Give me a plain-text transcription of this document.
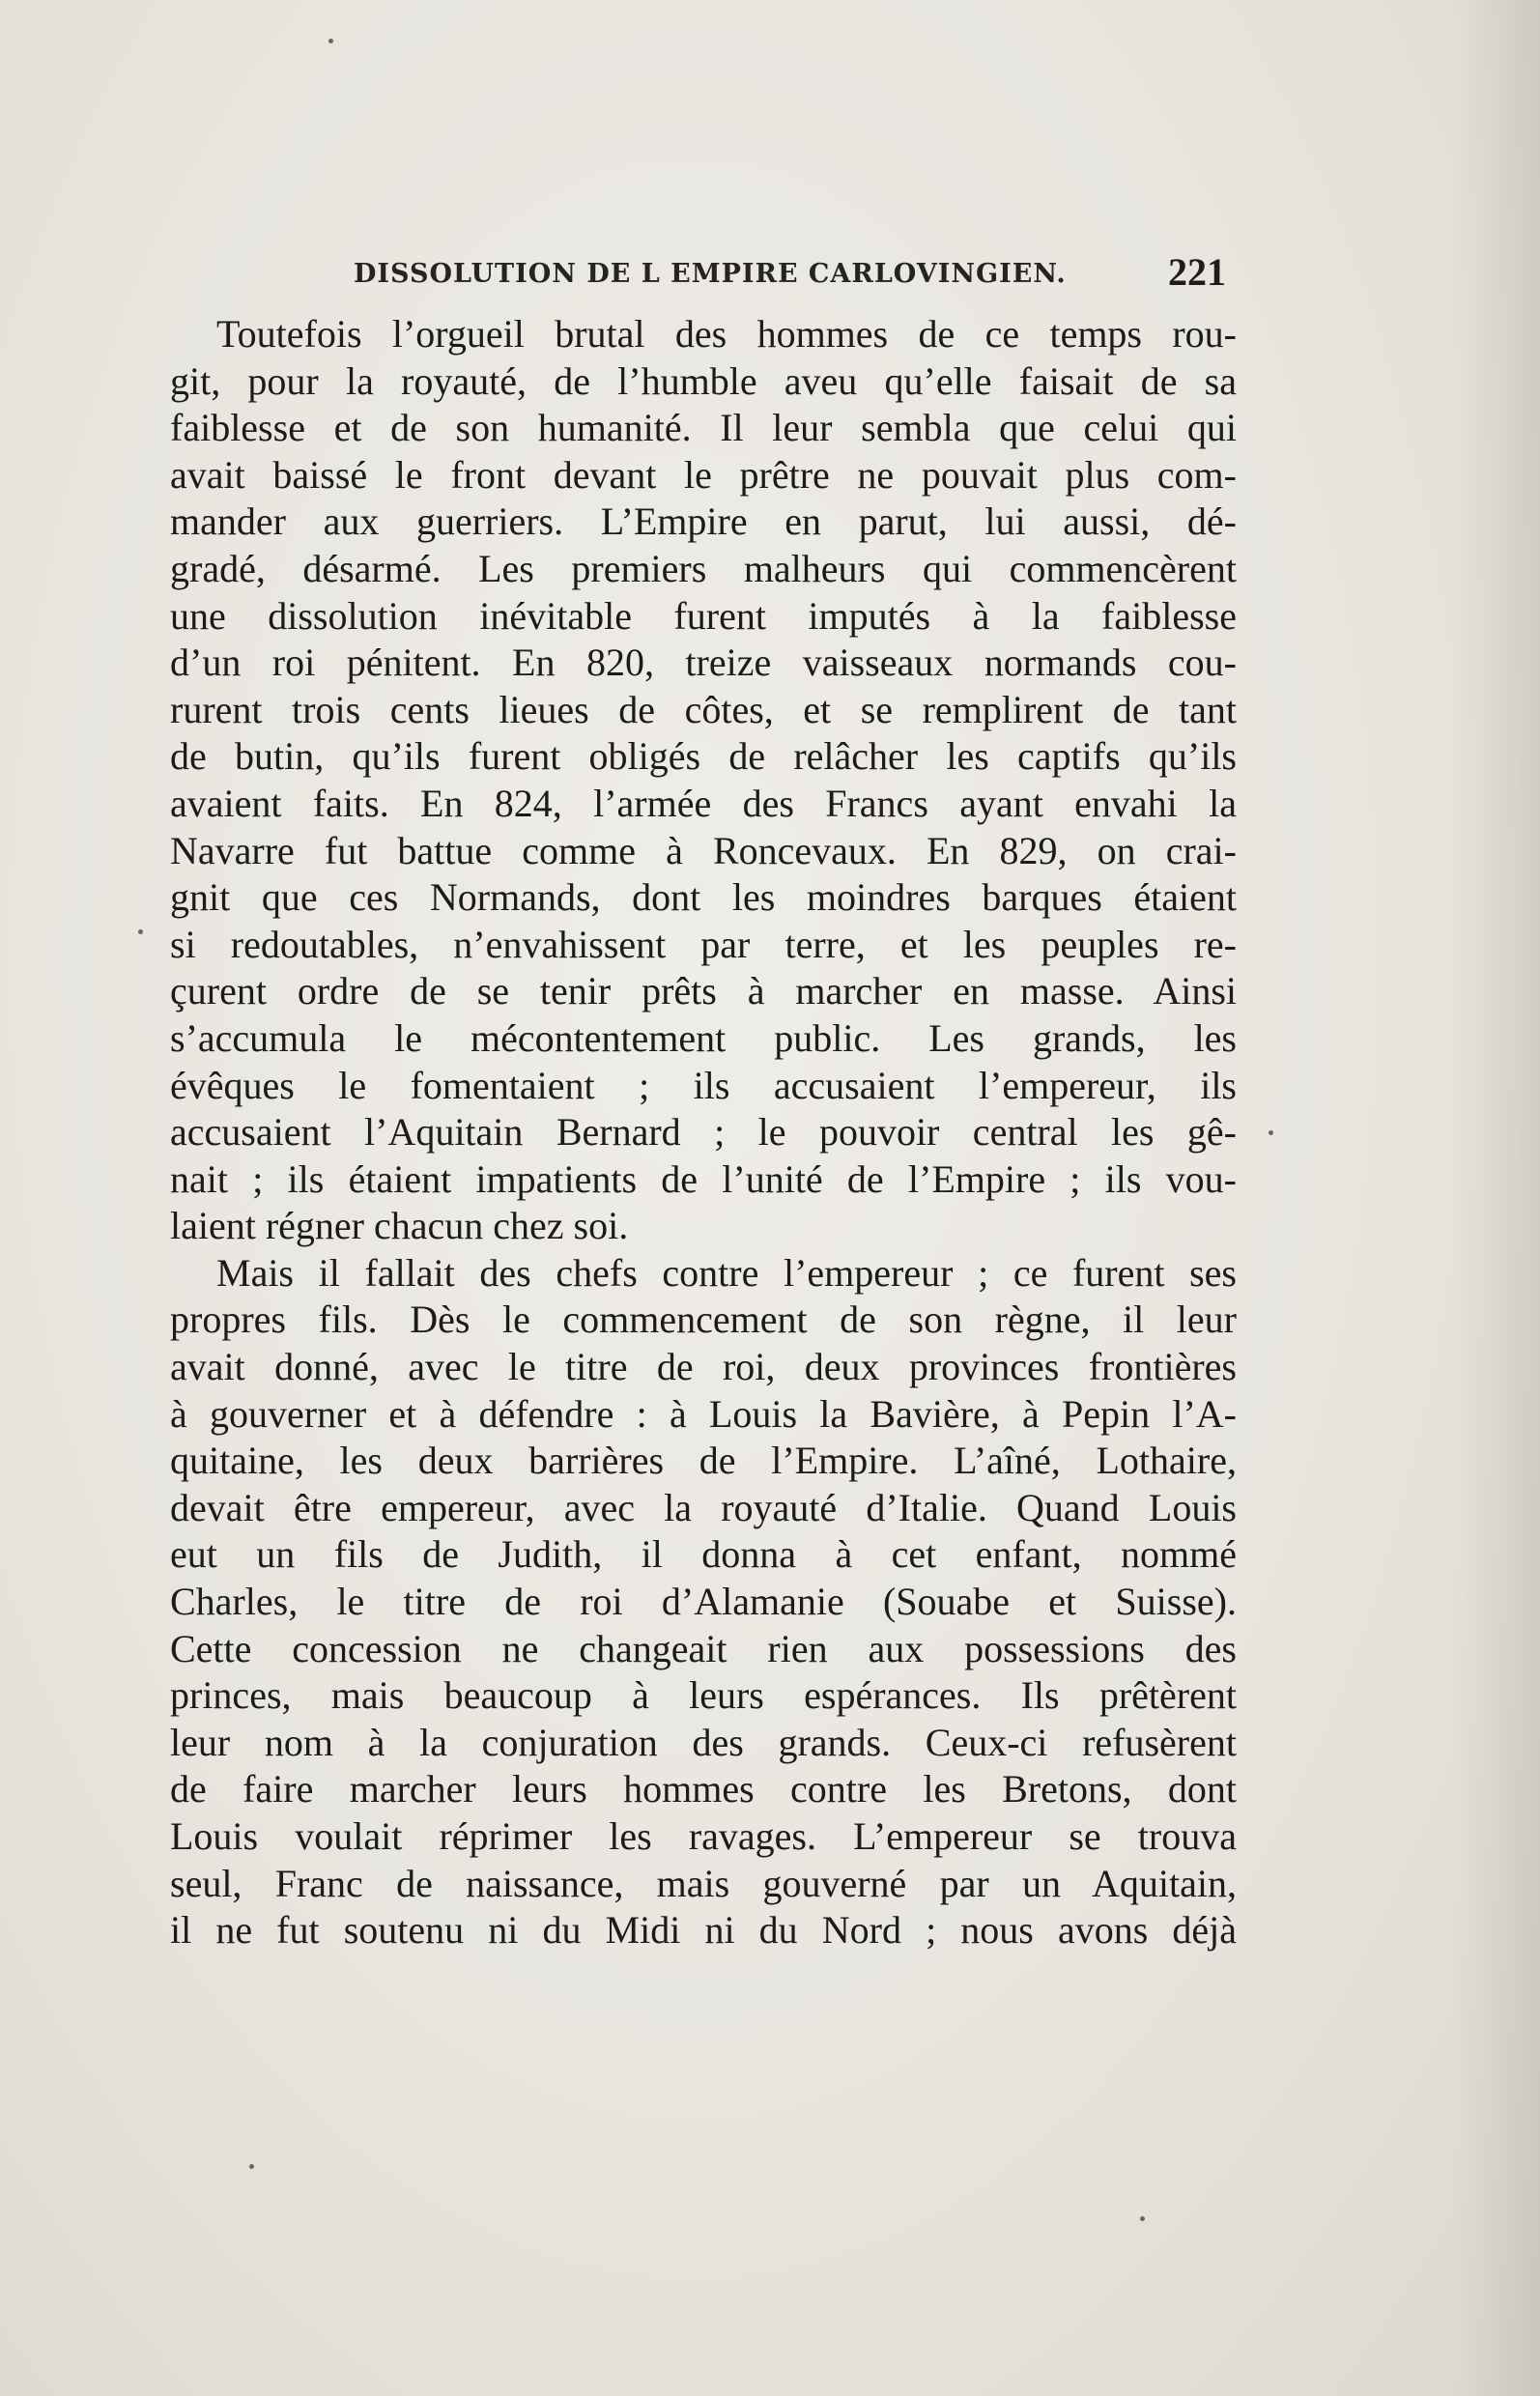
DISSOLUTION DE L EMPIRE CARLOVINGIEN.	221
Toutefois l’orgueil brutal des hommes de ce temps rou-
git, pour la royauté, de l’humble aveu qu’elle faisait de sa
faiblesse et de son humanité. Il leur sembla que celui qui
avait baissé le front devant le prêtre ne pouvait plus com-
mander aux guerriers. L’Empire en parut, lui aussi, dé-
gradé, désarmé. Les premiers malheurs qui commencèrent
une dissolution inévitable furent imputés à la faiblesse
d’un roi pénitent. En 820, treize vaisseaux normands cou-
rurent trois cents lieues de côtes, et se remplirent de tant
de butin, qu’ils furent obligés de relâcher les captifs qu’ils
avaient faits. En 824, l’armée des Francs ayant envahi la
Navarre fut battue comme à Roncevaux. En 829, on crai-
gnit que ces Normands, dont les moindres barques étaient
si redoutables, n’envahissent par terre, et les peuples re-
çurent ordre de se tenir prêts à marcher en masse. Ainsi
s’accumula le mécontentement public. Les grands, les
évêques le fomentaient ; ils accusaient l’empereur, ils
accusaient l’Aquitain Bernard ; le pouvoir central les gê-
nait ; ils étaient impatients de l’unité de l’Empire ; ils vou-
laient régner chacun chez soi.
Mais il fallait des chefs contre l’empereur ; ce furent ses
propres fils. Dès le commencement de son règne, il leur
avait donné, avec le titre de roi, deux provinces frontières
à gouverner et à défendre : à Louis la Bavière, à Pepin l’A-
quitaine, les deux barrières de l’Empire. L’aîné, Lothaire,
devait être empereur, avec la royauté d’Italie. Quand Louis
eut un fils de Judith, il donna à cet enfant, nommé
Charles, le titre de roi d’Alamanie (Souabe et Suisse).
Cette concession ne changeait rien aux possessions des
princes, mais beaucoup à leurs espérances. Ils prêtèrent
leur nom à la conjuration des grands. Ceux-ci refusèrent
de faire marcher leurs hommes contre les Bretons, dont
Louis voulait réprimer les ravages. L’empereur se trouva
seul, Franc de naissance, mais gouverné par un Aquitain,
il ne fut soutenu ni du Midi ni du Nord ; nous avons déjà
